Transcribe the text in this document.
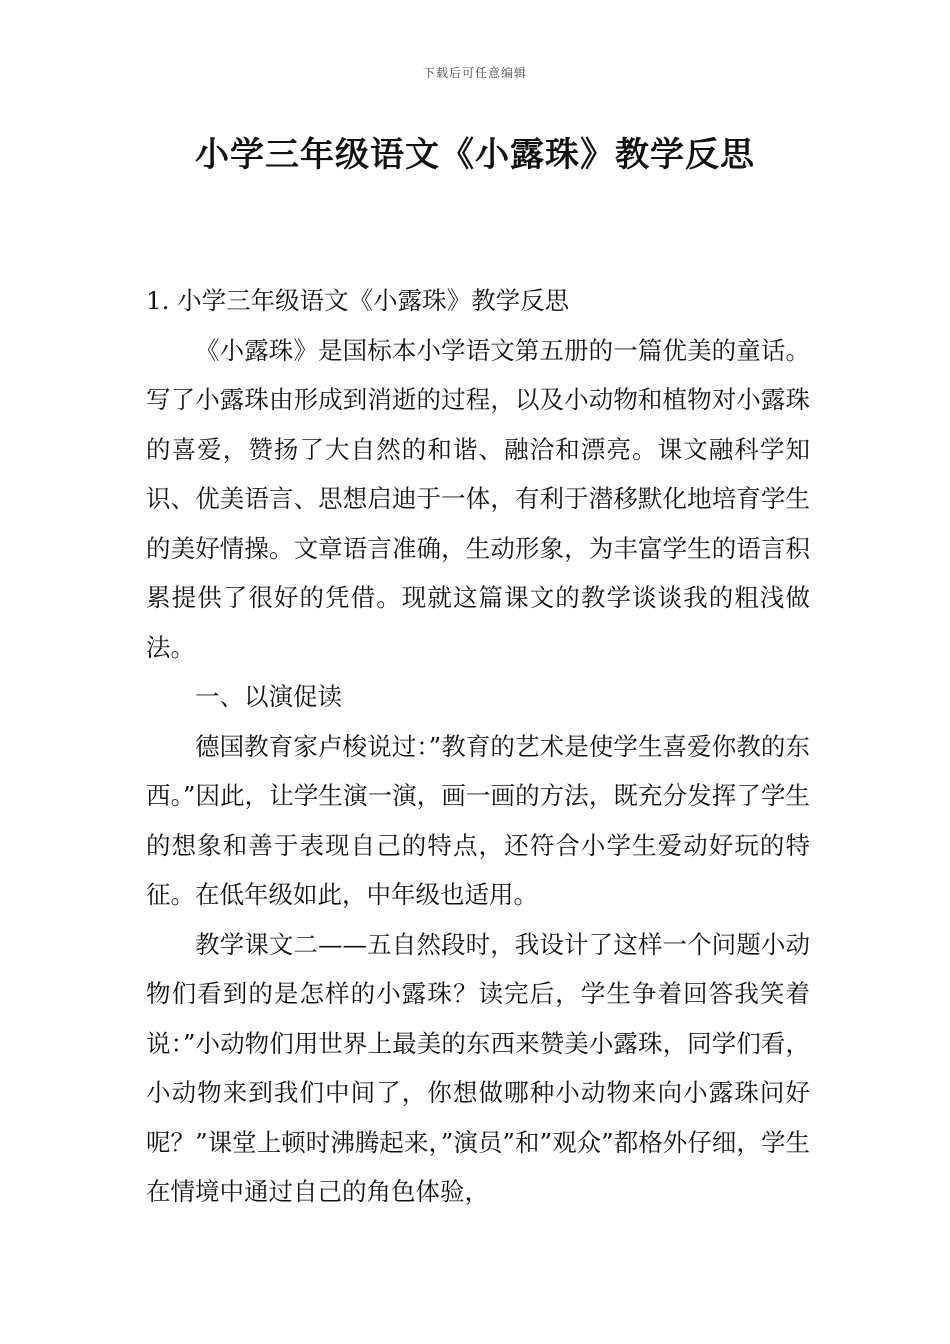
下载后可任意编辑
小学三年级语文《小露珠》教学反思
1. 小学三年级语文《小露珠》教学反思

《小露珠》是国标本小学语文第五册的一篇优美的童话。写了小露珠由形成到消逝的过程，以及小动物和植物对小露珠的喜爱，赞扬了大自然的和谐、融洽和漂亮。课文融科学知识、优美语言、思想启迪于一体，有利于潜移默化地培育学生的美好情操。文章语言准确，生动形象，为丰富学生的语言积累提供了很好的凭借。现就这篇课文的教学谈谈我的粗浅做法。

一、以演促读

德国教育家卢梭说过：”教育的艺术是使学生喜爱你教的东西。”因此，让学生演一演，画一画的方法，既充分发挥了学生的想象和善于表现自己的特点，还符合小学生爱动好玩的特征。在低年级如此，中年级也适用。

教学课文二——五自然段时，我设计了这样一个问题小动物们看到的是怎样的小露珠？读完后，学生争着回答我笑着说：”小动物们用世界上最美的东西来赞美小露珠，同学们看，小动物来到我们中间了，你想做哪种小动物来向小露珠问好呢？”课堂上顿时沸腾起来，”演员”和”观众”都格外仔细，学生在情境中通过自己的角色体验，
